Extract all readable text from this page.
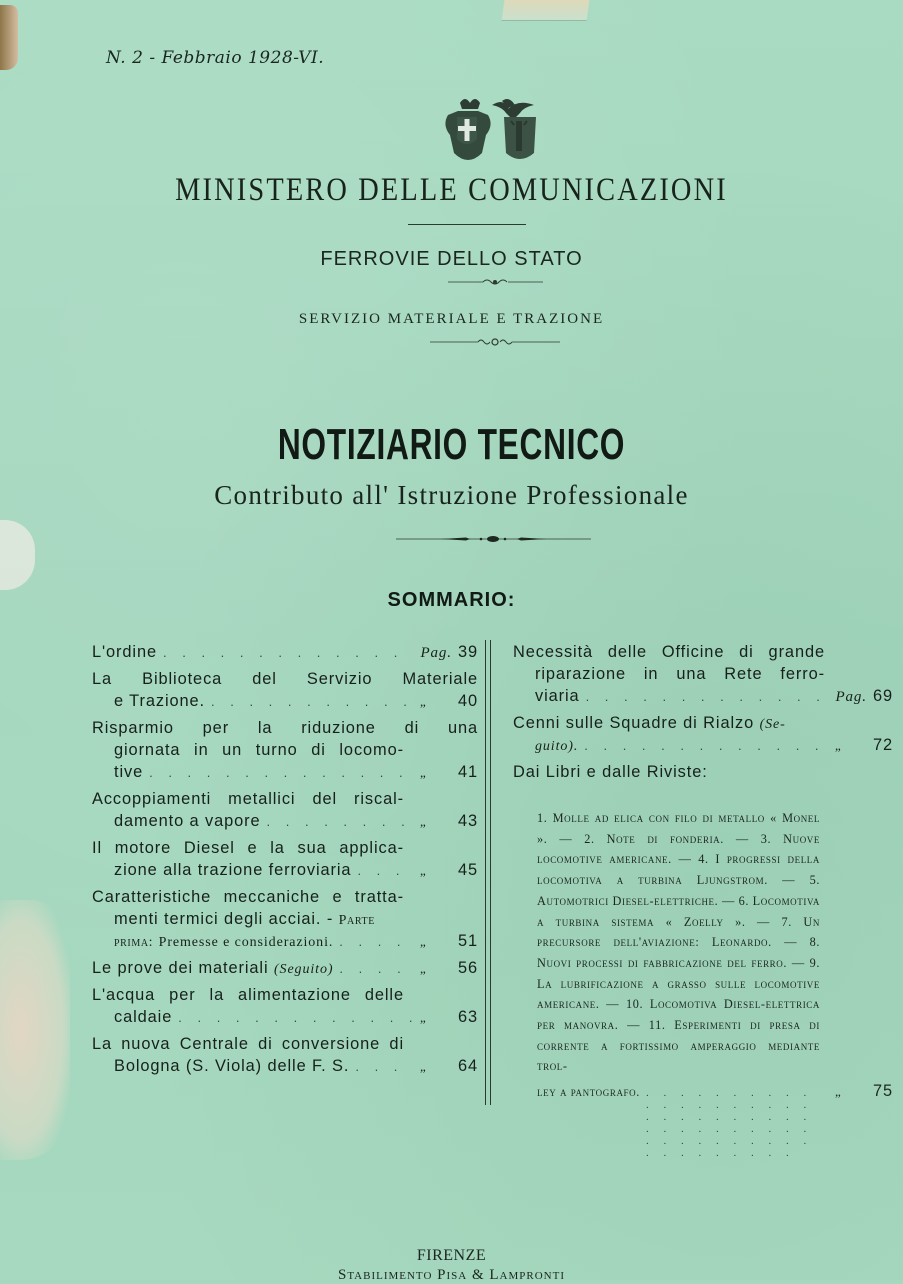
N. 2 - Febbraio 1928-VI.
MINISTERO DELLE COMUNICAZIONI
FERROVIE DELLO STATO
SERVIZIO MATERIALE E TRAZIONE
NOTIZIARIO TECNICO
Contributo all' Istruzione Professionale
SOMMARIO:
L'ordine . . .	Pag. 39
La Biblioteca del Servizio Materiale
e Trazione. . . .	„	40
Risparmio per la riduzione di una
giornata in un turno di locomo-
tive . . .	„	41
Accoppiamenti metallici del riscal-
damento a vapore . . .	„	43
Il motore Diesel e la sua applica-
zione alla trazione ferroviaria . . .	„	45
Caratteristiche meccaniche e tratta-
menti termici degli acciai. -
Parte
prima:
Premesse e considerazioni. . . .	„	51
Le prove dei materiali
(Seguito) . . .	„	56
L'acqua per la alimentazione delle
caldaie . . .	„	63
La nuova Centrale di conversione di
Bologna (S. Viola) delle F. S. . . .	„	64
Necessità delle Officine di grande
riparazione in una Rete ferro-
viaria . . .	Pag. 69
Cenni sulle Squadre di Rialzo
(Se-
guito). . . .	„	72
Dai Libri e dalle Riviste:
1. Molle ad elica con filo di metallo « Monel ». — 2. Note di fonderia. — 3. Nuove locomotive americane. — 4. I progressi della locomotiva a turbina Ljungstrom. — 5. Automotrici Diesel-elettriche. — 6. Locomotiva a turbina sistema « Zoelly ». — 7. Un precursore dell'aviazione: Leonardo. — 8. Nuovi processi di fabbricazione del ferro. — 9. La lubrificazione a grasso sulle locomotive americane. — 10. Locomotiva Diesel-elettrica per manovra. — 11. Esperimenti di presa di corrente a fortissimo amperaggio mediante trol-
ley a pantografo. . . .	„	75
FIRENZE
Stabilimento Pisa & Lampronti
